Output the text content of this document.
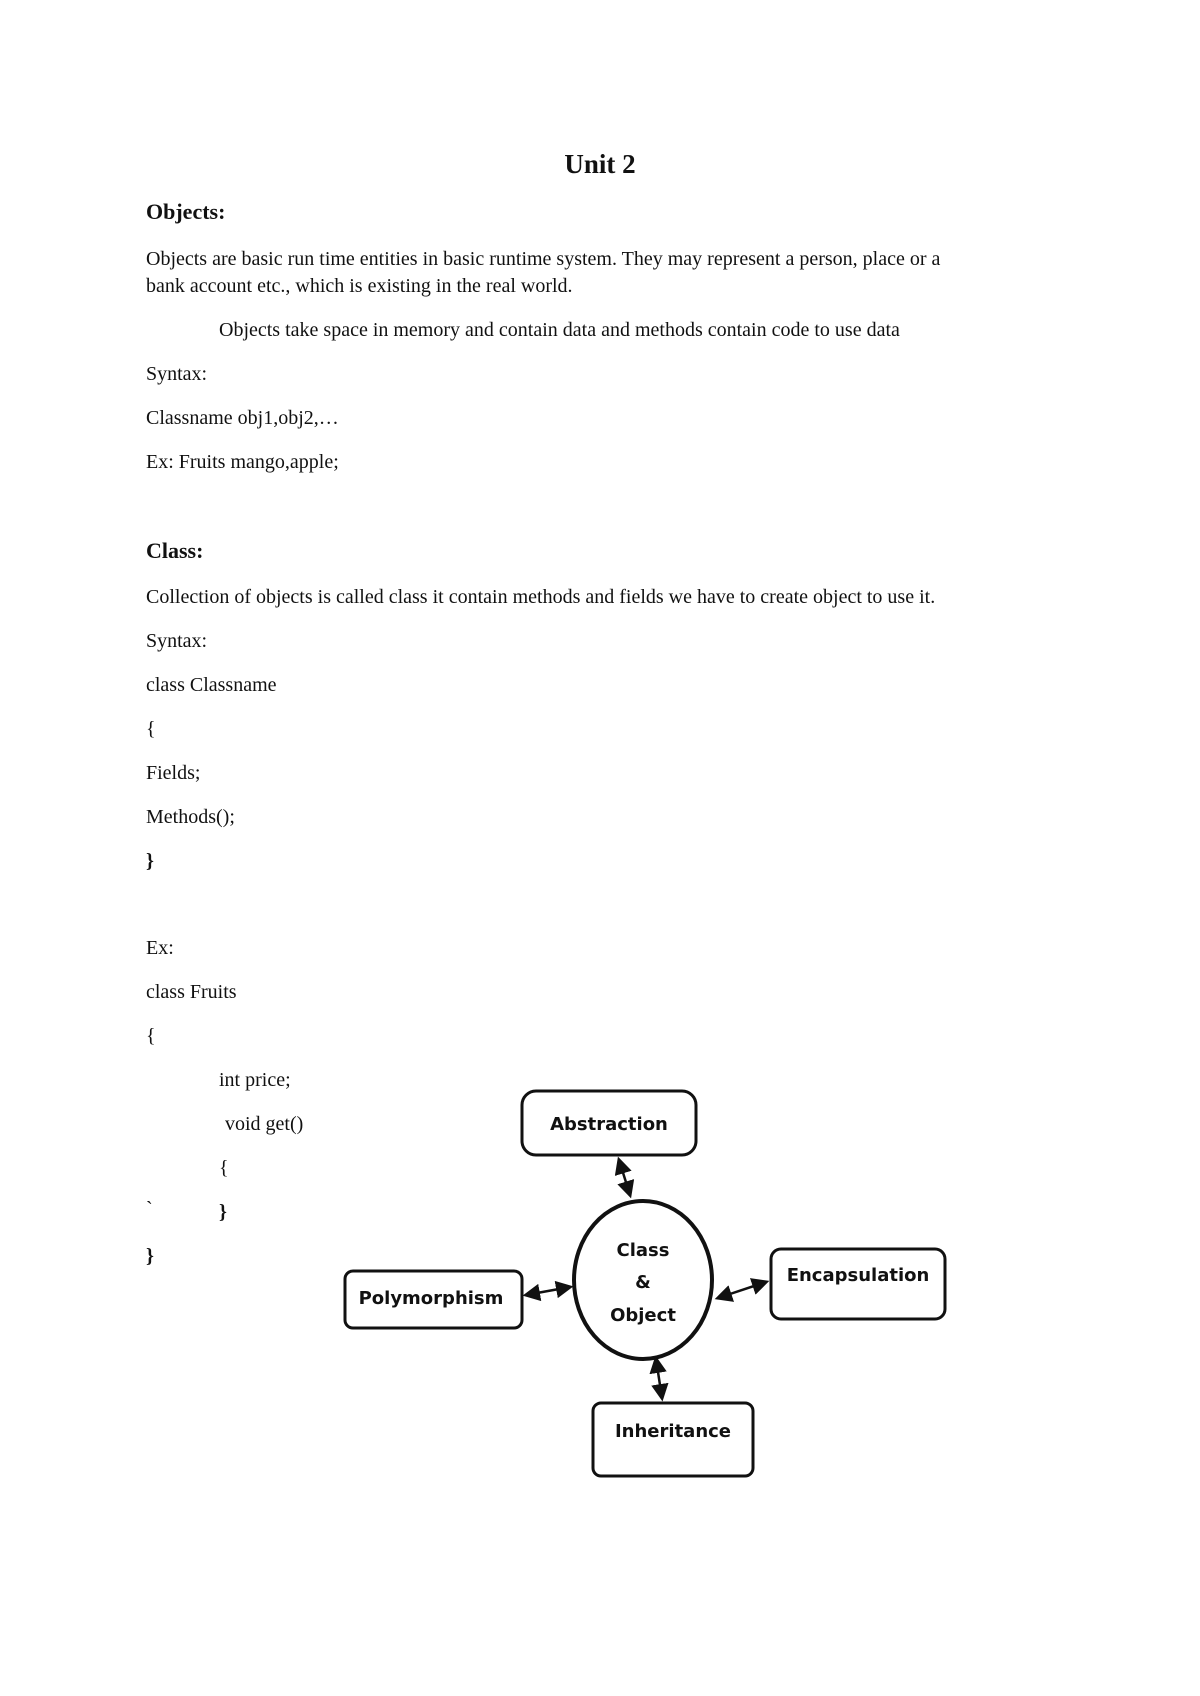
Unit 2
Objects:
Objects are basic run time entities in basic runtime system. They may represent a person, place or a
bank account etc., which is existing in the real world.
Objects take space in memory and contain data and methods contain code to use data
Syntax:
Classname obj1,obj2,…
Ex: Fruits mango,apple;
Class:
Collection of objects is called class it contain methods and fields we have to create object to use it.
Syntax:
class Classname
{
Fields;
Methods();
}
Ex:
class Fruits
{
int price;
void get()
{
`	}
}
Abstraction
Encapsulation
Polymorphism
Inheritance
Class
&
Object
